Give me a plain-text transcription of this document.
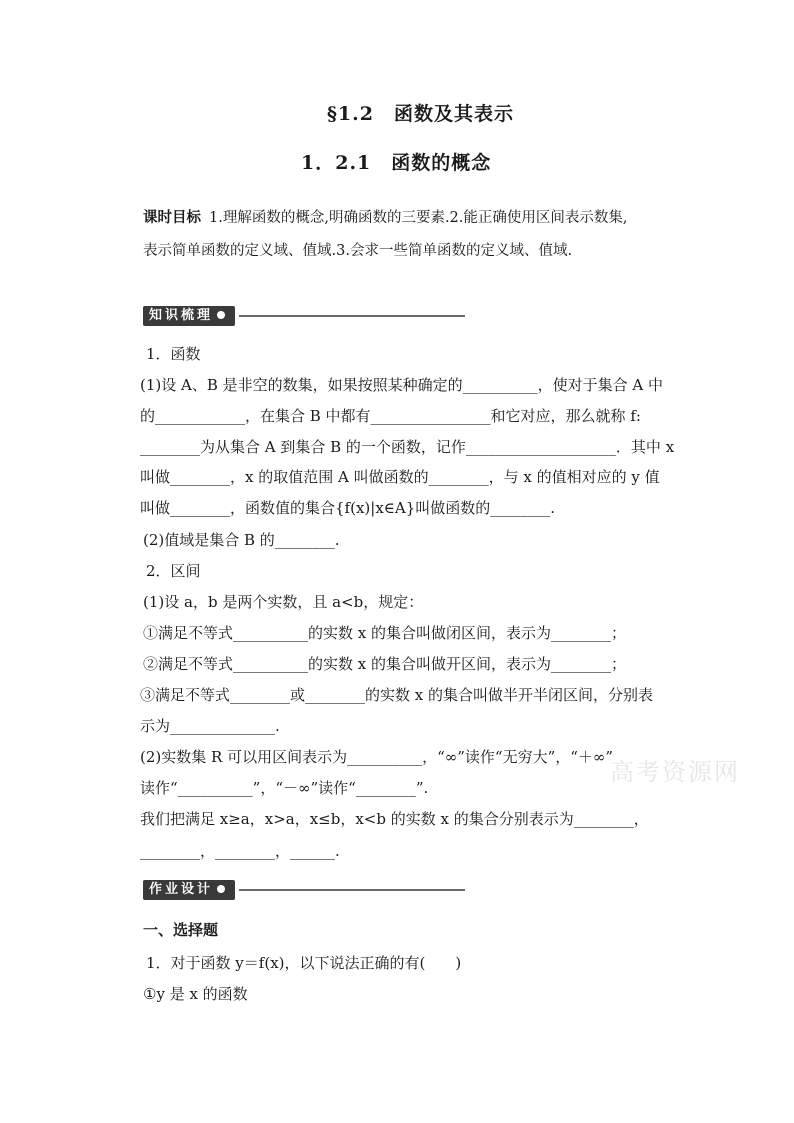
§1.2　函数及其表示
1．2.1　函数的概念
课时目标 1.理解函数的概念,明确函数的三要素.2.能正确使用区间表示数集,
表示简单函数的定义域、值域.3.会求一些简单函数的定义域、值域.
知识梳理
1．函数
(1)设 A、B 是非空的数集，如果按照某种确定的__________，使对于集合 A 中
的____________，在集合 B 中都有________________和它对应，那么就称 f:
________为从集合 A 到集合 B 的一个函数，记作____________________．其中 x
叫做________，x 的取值范围 A 叫做函数的________，与 x 的值相对应的 y 值
叫做________，函数值的集合{f(x)|x∈A}叫做函数的________.
(2)值域是集合 B 的________.
2．区间
(1)设 a，b 是两个实数，且 a<b，规定：
①满足不等式__________的实数 x 的集合叫做闭区间，表示为________；
②满足不等式__________的实数 x 的集合叫做开区间，表示为________；
③满足不等式________或________的实数 x 的集合叫做半开半闭区间，分别表
示为______________.
(2)实数集 R 可以用区间表示为__________，“∞”读作“无穷大”，“＋∞”
读作“__________”，“－∞”读作“________”.
我们把满足 x≥a，x>a，x≤b，x<b 的实数 x 的集合分别表示为________，
________，________，______.
高考资源网
作业设计
一、选择题
1．对于函数 y＝f(x)，以下说法正确的有(　　)
①y 是 x 的函数
